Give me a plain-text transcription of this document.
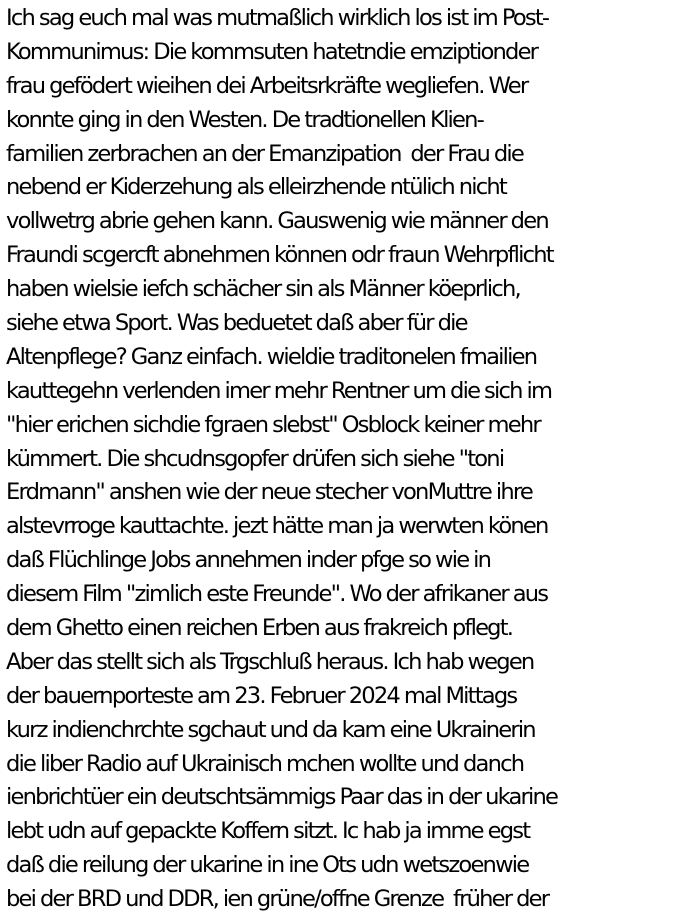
Ich sag euch mal was mutmaßlich wirklich los ist im Post-
Kommunimus: Die kommsuten hatetndie emziptionder
frau gefödert wieihen dei Arbeitsrkräfte wegliefen. Wer
konnte ging in den Westen. De tradtionellen Klien-
familien zerbrachen an der Emanzipation  der Frau die
nebend er Kiderzehung als elleirzhende ntülich nicht
vollwetrg abrie gehen kann. Gauswenig wie männer den
Fraundi scgercft abnehmen können odr fraun Wehrpflicht
haben wielsie iefch schächer sin als Männer köeprlich,
siehe etwa Sport. Was beduetet daß aber für die
Altenpflege? Ganz einfach. wieldie traditonelen fmailien
kauttegehn verlenden imer mehr Rentner um die sich im
"hier erichen sichdie fgraen slebst" Osblock keiner mehr
kümmert. Die shcudnsgopfer drüfen sich siehe "toni
Erdmann" anshen wie der neue stecher vonMuttre ihre
alstevrroge kauttachte. jezt hätte man ja werwten könen
daß Flüchlinge Jobs annehmen inder pfge so wie in
diesem Film "zimlich este Freunde". Wo der afrikaner aus
dem Ghetto einen reichen Erben aus frakreich pflegt.
Aber das stellt sich als Trgschluß heraus. Ich hab wegen
der bauernporteste am 23. Februer 2024 mal Mittags
kurz indienchrchte sgchaut und da kam eine Ukrainerin
die liber Radio auf Ukrainisch mchen wollte und danch
ienbrichtüer ein deutschtsämmigs Paar das in der ukarine
lebt udn auf gepackte Koffern sitzt. Ic hab ja imme egst
daß die reilung der ukarine in ine Ots udn wetszoenwie
bei der BRD und DDR, ien grüne/offne Grenze  früher der
